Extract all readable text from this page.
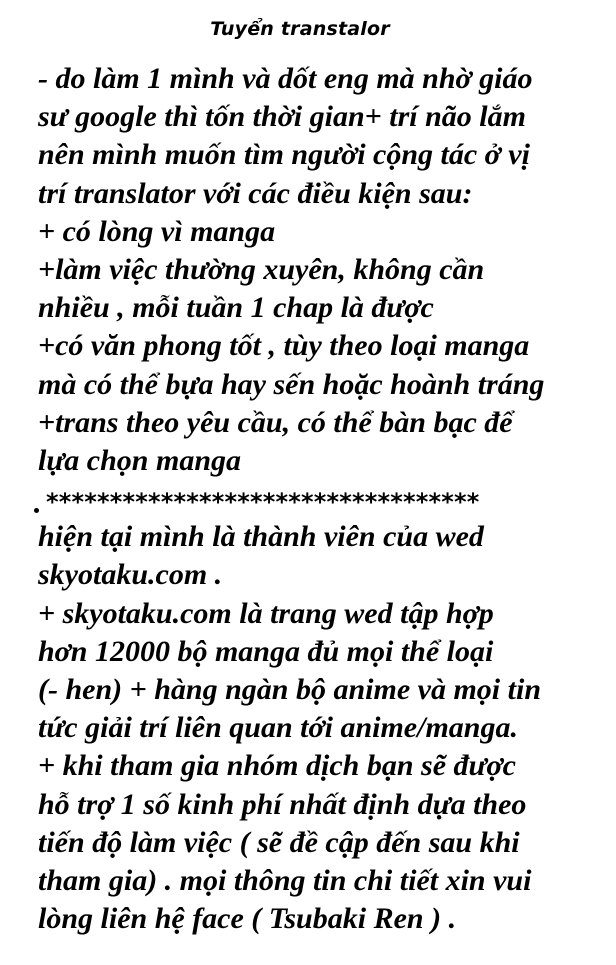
Tuyển transtalor
- do làm 1 mình và dốt eng mà nhờ giáo
sư google thì tốn thời gian+ trí não lắm
nên mình muốn tìm người cộng tác ở vị
trí translator với các điều kiện sau:
+ có lòng vì manga
+làm việc thường xuyên, không cần
nhiều , mỗi tuần 1 chap là được
+có văn phong tốt , tùy theo loại manga
mà có thể bựa hay sến hoặc hoành tráng
+trans theo yêu cầu, có thể bàn bạc để
lựa chọn manga
**********************************
hiện tại mình là thành viên của wed
skyotaku.com .
+ skyotaku.com là trang wed tập hợp
hơn 12000 bộ manga đủ mọi thể loại
(- hen) + hàng ngàn bộ anime và mọi tin
tức giải trí liên quan tới anime/manga.
+ khi tham gia nhóm dịch bạn sẽ được
hỗ trợ 1 số kinh phí nhất định dựa theo
tiến độ làm việc ( sẽ đề cập đến sau khi
tham gia) . mọi thông tin chi tiết xin vui
lòng liên hệ face ( Tsubaki Ren ) .
